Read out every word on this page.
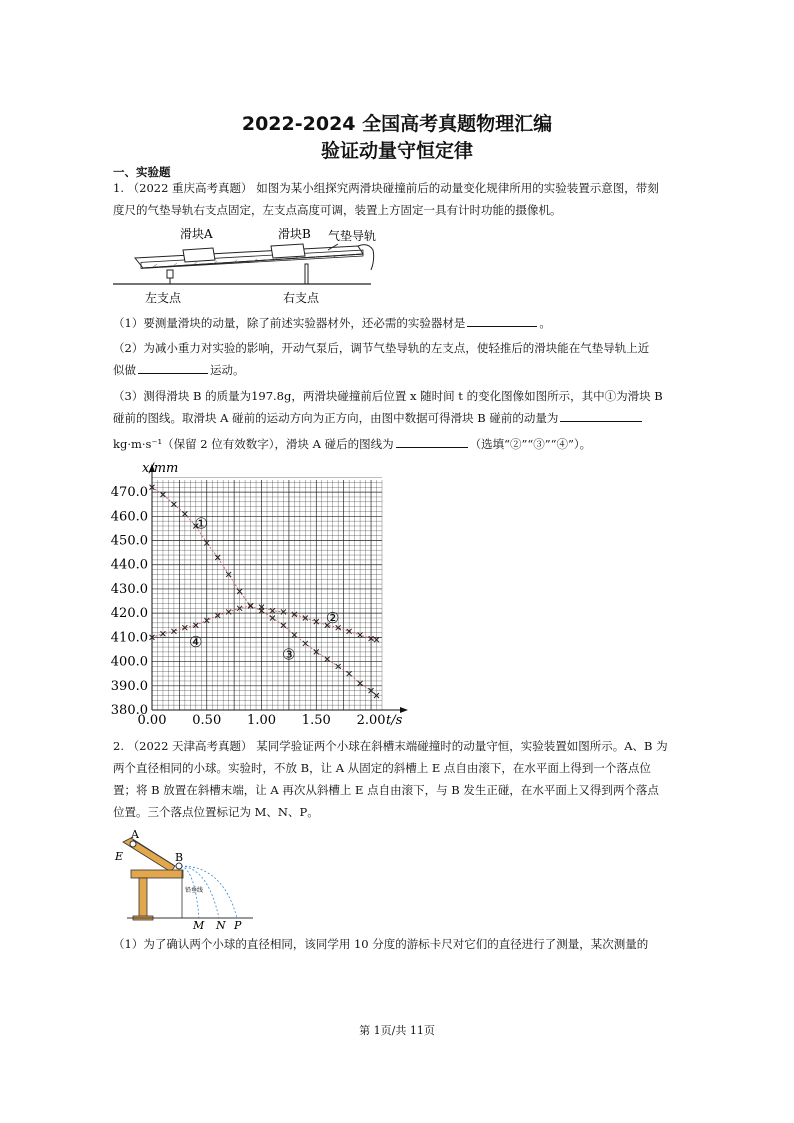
2022-2024 全国高考真题物理汇编
验证动量守恒定律
一、实验题
1. （2022 重庆高考真题） 如图为某小组探究两滑块碰撞前后的动量变化规律所用的实验装置示意图，带刻
度尺的气垫导轨右支点固定，左支点高度可调，装置上方固定一具有计时功能的摄像机。
滑块A	滑块B 气垫导轨
左支点	右支点
（1）要测量滑块的动量，除了前述实验器材外，还必需的实验器材是	。
（2）为减小重力对实验的影响，开动气泵后，调节气垫导轨的左支点，使轻推后的滑块能在气垫导轨上近
似做	运动。
（3）测得滑块 B 的质量为197.8g，两滑块碰撞前后位置 x 随时间 t 的变化图像如图所示，其中①为滑块 B
碰前的图线。取滑块 A 碰前的运动方向为正方向，由图中数据可得滑块 B 碰前的动量为
kg·m·s⁻¹（保留 2 位有效数字），滑块 A 碰后的图线为	（选填“②”“③”“④”）。
①
②
③
④
0.00 0.50 1.00 1.50 2.00
380.0
390.0
400.0
410.0
420.0
430.0
440.0
450.0
460.0
470.0
t/s
x/mm
2. （2022 天津高考真题） 某同学验证两个小球在斜槽末端碰撞时的动量守恒，实验装置如图所示。A、B 为
两个直径相同的小球。实验时，不放 B，让 A 从固定的斜槽上 E 点自由滚下，在水平面上得到一个落点位
置；将 B 放置在斜槽末端，让 A 再次从斜槽上 E 点自由滚下，与 B 发生正碰，在水平面上又得到两个落点
位置。三个落点位置标记为 M、N、P。
A
B
E
铅垂线
M N P
（1）为了确认两个小球的直径相同，该同学用 10 分度的游标卡尺对它们的直径进行了测量，某次测量的
第 1页/共 11页
